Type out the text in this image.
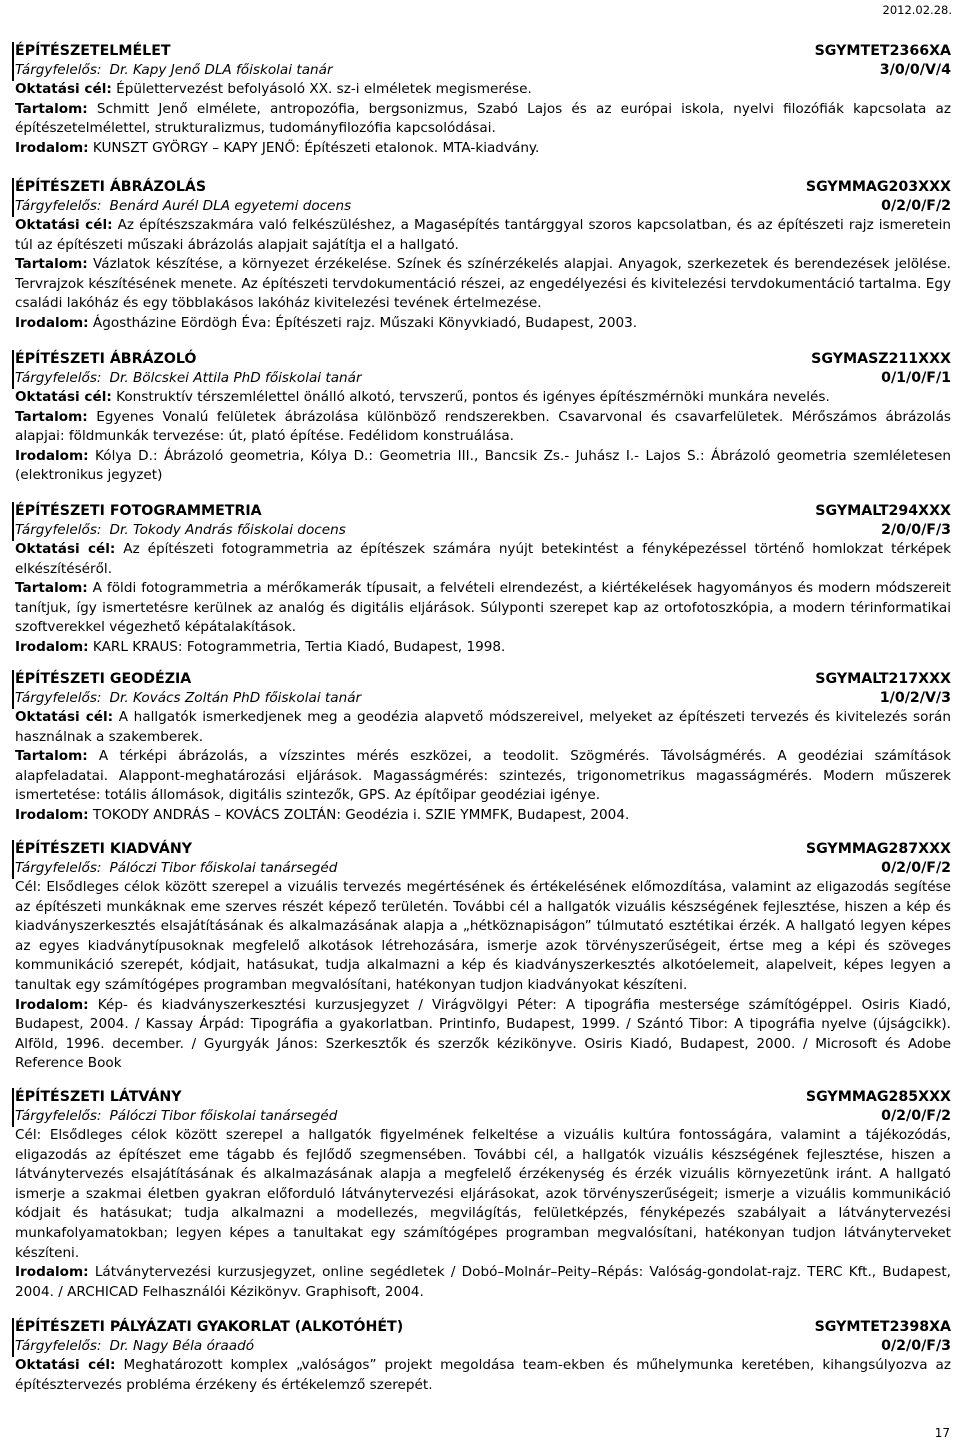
2012.02.28.
ÉPÍTÉSZETELMÉLET	SGYMTET2366XA
Tárgyfelelős: Dr. Kapy Jenő DLA főiskolai tanár	3/0/0/V/4
Oktatási cél: Épülettervezést befolyásoló XX. sz-i elméletek megismerése.
Tartalom: Schmitt Jenő elmélete, antropozófia, bergsonizmus, Szabó Lajos és az európai iskola, nyelvi filozófiák kapcsolata az építészetelmélettel, strukturalizmus, tudományfilozófia kapcsolódásai.
Irodalom: KUNSZT GYÖRGY – KAPY JENŐ: Építészeti etalonok. MTA-kiadvány.
ÉPÍTÉSZETI ÁBRÁZOLÁS	SGYMMAG203XXX
Tárgyfelelős: Benárd Aurél DLA egyetemi docens	0/2/0/F/2
Oktatási cél: Az építészszakmára való felkészüléshez, a Magasépítés tantárggyal szoros kapcsolatban, és az építészeti rajz ismeretein túl az építészeti műszaki ábrázolás alapjait sajátítja el a hallgató.
Tartalom: Vázlatok készítése, a környezet érzékelése. Színek és színérzékelés alapjai. Anyagok, szerkezetek és berendezések jelölése. Tervrajzok készítésének menete. Az építészeti tervdokumentáció részei, az engedélyezési és kivitelezési tervdokumentáció tartalma. Egy családi lakóház és egy többlakásos lakóház kivitelezési tevének értelmezése.
Irodalom: Ágostházine Eördögh Éva: Építészeti rajz. Műszaki Könyvkiadó, Budapest, 2003.
ÉPÍTÉSZETI ÁBRÁZOLÓ	SGYMASZ211XXX
Tárgyfelelős: Dr. Bölcskei Attila PhD főiskolai tanár	0/1/0/F/1
Oktatási cél: Konstruktív térszemlélettel önálló alkotó, tervszerű, pontos és igényes építészmérnöki munkára nevelés.
Tartalom: Egyenes Vonalú felületek ábrázolása különböző rendszerekben. Csavarvonal és csavarfelületek. Mérőszámos ábrázolás alapjai: földmunkák tervezése: út, plató építése. Fedélidom konstruálása.
Irodalom: Kólya D.: Ábrázoló geometria, Kólya D.: Geometria III., Bancsik Zs.- Juhász I.- Lajos S.: Ábrázoló geometria szemléletesen (elektronikus jegyzet)
ÉPÍTÉSZETI FOTOGRAMMETRIA	SGYMALT294XXX
Tárgyfelelős: Dr. Tokody András főiskolai docens	2/0/0/F/3
Oktatási cél: Az építészeti fotogrammetria az építészek számára nyújt betekintést a fényképezéssel történő homlokzat térképek elkészítéséről.
Tartalom: A földi fotogrammetria a mérőkamerák típusait, a felvételi elrendezést, a kiértékelések hagyományos és modern módszereit tanítjuk, így ismertetésre kerülnek az analóg és digitális eljárások. Súlyponti szerepet kap az ortofotoszkópia, a modern térinformatikai szoftverekkel végezhető képátalakítások.
Irodalom: KARL KRAUS: Fotogrammetria, Tertia Kiadó, Budapest, 1998.
ÉPÍTÉSZETI GEODÉZIA	SGYMALT217XXX
Tárgyfelelős: Dr. Kovács Zoltán PhD főiskolai tanár	1/0/2/V/3
Oktatási cél: A hallgatók ismerkedjenek meg a geodézia alapvető módszereivel, melyeket az építészeti tervezés és kivitelezés során használnak a szakemberek.
Tartalom: A térképi ábrázolás, a vízszintes mérés eszközei, a teodolit. Szögmérés. Távolságmérés. A geodéziai számítások alapfeladatai. Alappont-meghatározási eljárások. Magasságmérés: szintezés, trigonometrikus magasságmérés. Modern műszerek ismertetése: totális állomások, digitális szintezők, GPS. Az építőipar geodéziai igénye.
Irodalom: TOKODY ANDRÁS – KOVÁCS ZOLTÁN: Geodézia i. SZIE YMMFK, Budapest, 2004.
ÉPÍTÉSZETI KIADVÁNY	SGYMMAG287XXX
Tárgyfelelős: Pálóczi Tibor főiskolai tanársegéd	0/2/0/F/2
Cél: Elsődleges célok között szerepel a vizuális tervezés megértésének és értékelésének előmozdítása, valamint az eligazodás segítése az építészeti munkáknak eme szerves részét képező területén. További cél a hallgatók vizuális készségének fejlesztése, hiszen a kép és kiadványszerkesztés elsajátításának és alkalmazásának alapja a „hétköznapiságon” túlmutató esztétikai érzék. A hallgató legyen képes az egyes kiadványtípusoknak megfelelő alkotások létrehozására, ismerje azok törvényszerűségeit, értse meg a képi és szöveges kommunikáció szerepét, kódjait, hatásukat, tudja alkalmazni a kép és kiadványszerkesztés alkotóelemeit, alapelveit, képes legyen a tanultak egy számítógépes programban megvalósítani, hatékonyan tudjon kiadványokat készíteni.
Irodalom: Kép- és kiadványszerkesztési kurzusjegyzet / Virágvölgyi Péter: A tipográfia mestersége számítógéppel. Osiris Kiadó, Budapest, 2004. / Kassay Árpád: Tipográfia a gyakorlatban. Printinfo, Budapest, 1999. / Szántó Tibor: A tipográfia nyelve (újságcikk). Alföld, 1996. december. / Gyurgyák János: Szerkesztők és szerzők kézikönyve. Osiris Kiadó, Budapest, 2000. / Microsoft és Adobe Reference Book
ÉPÍTÉSZETI LÁTVÁNY	SGYMMAG285XXX
Tárgyfelelős: Pálóczi Tibor főiskolai tanársegéd	0/2/0/F/2
Cél: Elsődleges célok között szerepel a hallgatók figyelmének felkeltése a vizuális kultúra fontosságára, valamint a tájékozódás, eligazodás az építészet eme tágabb és fejlődő szegmensében. További cél, a hallgatók vizuális készségének fejlesztése, hiszen a látványtervezés elsajátításának és alkalmazásának alapja a megfelelő érzékenység és érzék vizuális környezetünk iránt. A hallgató ismerje a szakmai életben gyakran előforduló látványtervezési eljárásokat, azok törvényszerűségeit; ismerje a vizuális kommunikáció kódjait és hatásukat; tudja alkalmazni a modellezés, megvilágítás, felületképzés, fényképezés szabályait a látványtervezési munkafolyamatokban; legyen képes a tanultakat egy számítógépes programban megvalósítani, hatékonyan tudjon látványterveket készíteni.
Irodalom: Látványtervezési kurzusjegyzet, online segédletek / Dobó–Molnár–Peity–Répás: Valóság-gondolat-rajz. TERC Kft., Budapest, 2004. / ARCHICAD Felhasználói Kézikönyv. Graphisoft, 2004.
ÉPÍTÉSZETI PÁLYÁZATI GYAKORLAT (ALKOTÓHÉT)	SGYMTET2398XA
Tárgyfelelős: Dr. Nagy Béla óraadó	0/2/0/F/3
Oktatási cél: Meghatározott komplex „valóságos” projekt megoldása team-ekben és műhelymunka keretében, kihangsúlyozva az építésztervezés probléma érzékeny és értékelemző szerepét.
17
